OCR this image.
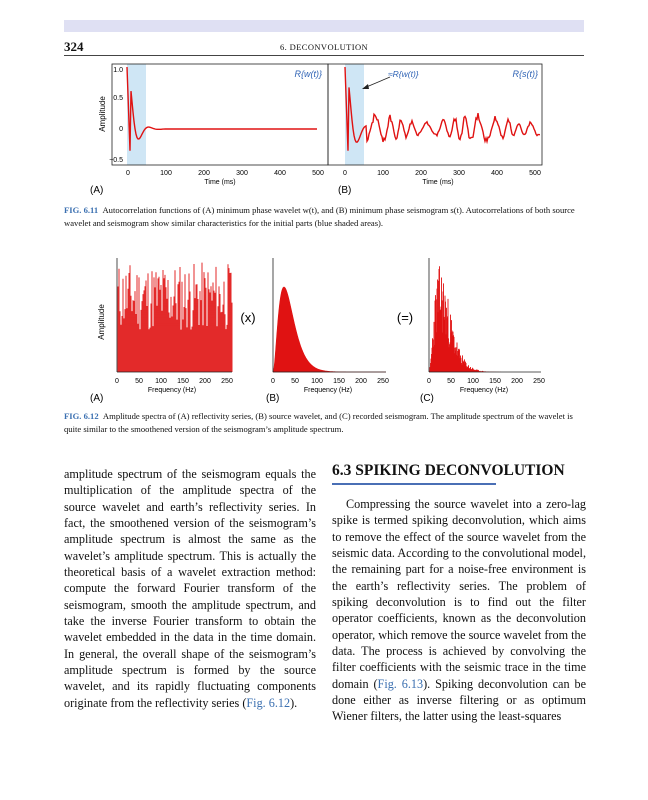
324	6. DECONVOLUTION
Amplitude
1.0
0.5
0
−0.5
0	100	200	300	400	500
Time (ms)
R{w(t)}
(A)
≈R{w(t)}	R{s(t)}
0	100	200	300	400	500
Time (ms)
(B)
FIG. 6.11 Autocorrelation functions of (A) minimum phase wavelet w(t), and (B) minimum phase seismogram s(t). Autocorrelations of both source wavelet and seismogram show similar characteristics for the initial parts (blue shaded areas).
Amplitude
0 50 100 150 200 250
Frequency (Hz)
(A)
(x)
0 50 100 150 200 250
Frequency (Hz)
(B)
(=)
0 50 100 150 200 250
Frequency (Hz)
(C)
FIG. 6.12 Amplitude spectra of (A) reflectivity series, (B) source wavelet, and (C) recorded seismogram. The amplitude spectrum of the wavelet is quite similar to the smoothened version of the seismogram’s amplitude spectrum.
amplitude spectrum of the seismogram equals the multiplication of the amplitude spectra of the source wavelet and earth’s reflectivity series. In fact, the smoothened version of the seismogram’s amplitude spectrum is almost the same as the wavelet’s amplitude spectrum. This is actually the theoretical basis of a wavelet extraction method: compute the forward Fourier transform of the seismogram, smooth the amplitude spectrum, and take the inverse Fourier transform to obtain the wavelet embedded in the data in the time domain. In general, the overall shape of the seismogram’s amplitude spectrum is formed by the source wavelet, and its rapidly fluctuating components originate from the reflectivity series (Fig. 6.12).
6.3 SPIKING DECONVOLUTION
Compressing the source wavelet into a zero-lag spike is termed spiking deconvolution, which aims to remove the effect of the source wavelet from the seismic data. According to the convolutional model, the remaining part for a noise-free environment is the earth’s reflectivity series. The problem of spiking deconvolution is to find out the filter operator coefficients, known as the deconvolution operator, which remove the source wavelet from the data. The process is achieved by convolving the filter coefficients with the seismic trace in the time domain (Fig. 6.13). Spiking deconvolution can be done either as inverse filtering or as optimum Wiener filters, the latter using the least-squares
